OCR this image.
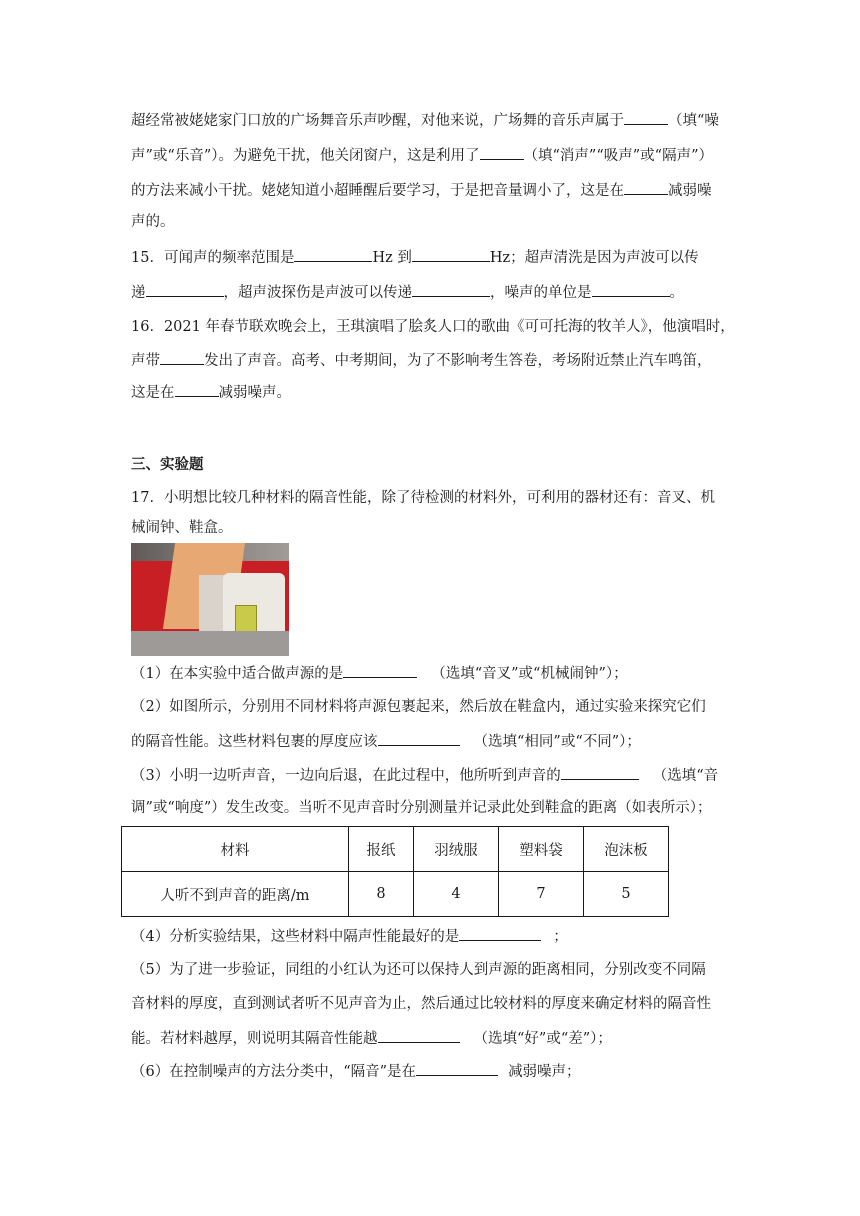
超经常被姥姥家门口放的广场舞音乐声吵醒，对他来说，广场舞的音乐声属于	（填“噪
声”或“乐音”）。为避免干扰，他关闭窗户，这是利用了	（填“消声”“吸声”或“隔声”）
的方法来减小干扰。姥姥知道小超睡醒后要学习，于是把音量调小了，这是在	减弱噪
声的。
15．可闻声的频率范围是	Hz 到	Hz；超声清洗是因为声波可以传
递	，超声波探伤是声波可以传递	，噪声的单位是	。
16．2021 年春节联欢晚会上，王琪演唱了脍炙人口的歌曲《可可托海的牧羊人》，他演唱时，
声带	发出了声音。高考、中考期间，为了不影响考生答卷，考场附近禁止汽车鸣笛，
这是在	减弱噪声。
三、实验题
17．小明想比较几种材料的隔音性能，除了待检测的材料外，可利用的器材还有：音叉、机
械闹钟、鞋盒。
（1）在本实验中适合做声源的是	（选填“音叉”或“机械闹钟”）；
（2）如图所示，分别用不同材料将声源包裹起来，然后放在鞋盒内，通过实验来探究它们
的隔音性能。这些材料包裹的厚度应该	（选填“相同”或“不同”）；
（3）小明一边听声音，一边向后退，在此过程中，他所听到声音的	（选填“音
调”或“响度”）发生改变。当听不见声音时分别测量并记录此处到鞋盒的距离（如表所示）；
材料	报纸	羽绒服	塑料袋	泡沫板
人听不到声音的距离/m	8	4	7	5
（4）分析实验结果，这些材料中隔声性能最好的是	；
（5）为了进一步验证，同组的小红认为还可以保持人到声源的距离相同，分别改变不同隔
音材料的厚度，直到测试者听不见声音为止，然后通过比较材料的厚度来确定材料的隔音性
能。若材料越厚，则说明其隔音性能越	（选填“好”或“差”）；
（6）在控制噪声的方法分类中，“隔音”是在	减弱噪声；
